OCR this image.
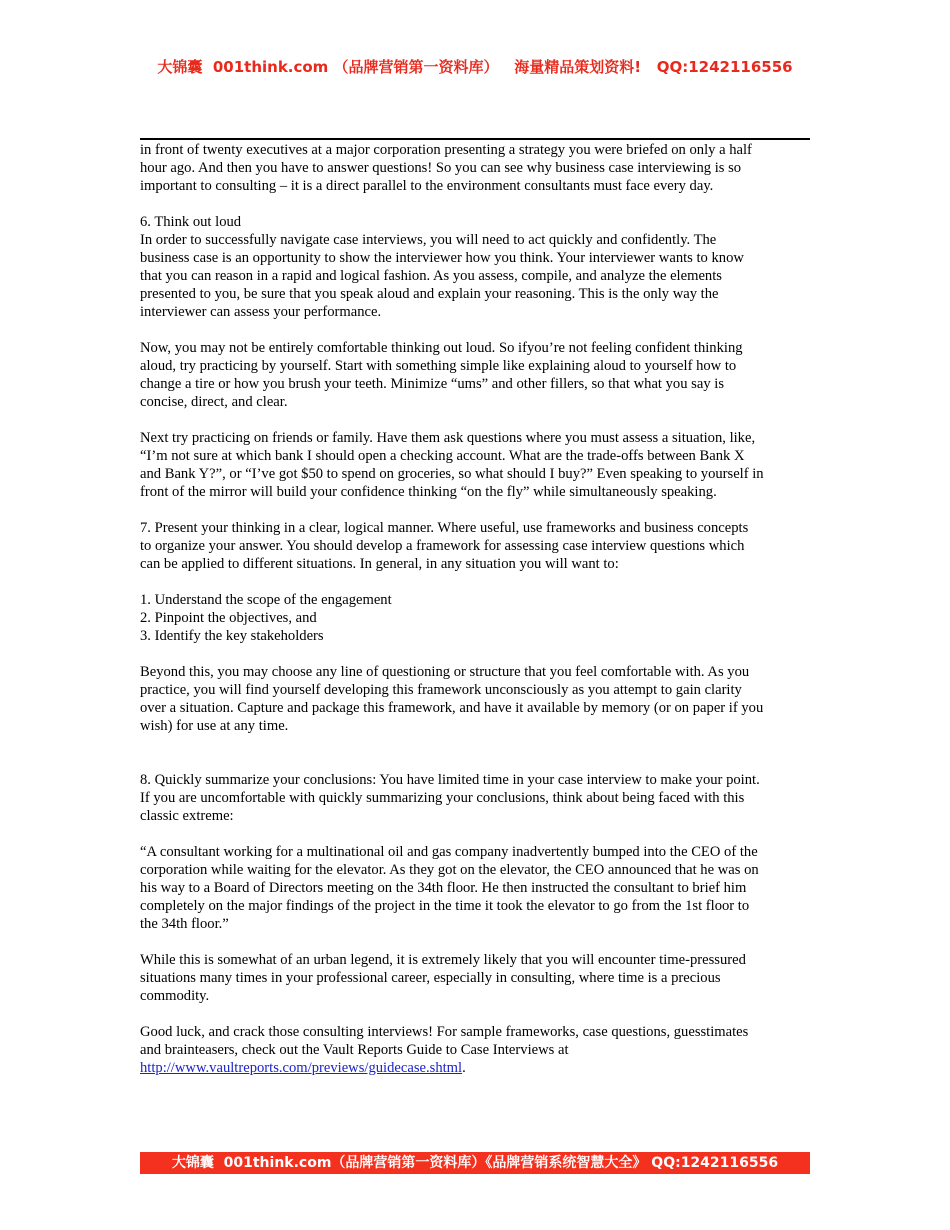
大锦囊  001think.com （品牌营销第一资料库）   海量精品策划资料!   QQ:1242116556

in front of twenty executives at a major corporation presenting a strategy you were briefed on only a half
hour ago. And then you have to answer questions! So you can see why business case interviewing is so
important to consulting – it is a direct parallel to the environment consultants must face every day.

6. Think out loud
In order to successfully navigate case interviews, you will need to act quickly and confidently. The
business case is an opportunity to show the interviewer how you think. Your interviewer wants to know
that you can reason in a rapid and logical fashion. As you assess, compile, and analyze the elements
presented to you, be sure that you speak aloud and explain your reasoning. This is the only way the
interviewer can assess your performance.

Now, you may not be entirely comfortable thinking out loud. So ifyou’re not feeling confident thinking
aloud, try practicing by yourself. Start with something simple like explaining aloud to yourself how to
change a tire or how you brush your teeth. Minimize “ums” and other fillers, so that what you say is
concise, direct, and clear.

Next try practicing on friends or family. Have them ask questions where you must assess a situation, like,
“I’m not sure at which bank I should open a checking account. What are the trade-offs between Bank X
and Bank Y?”, or “I’ve got $50 to spend on groceries, so what should I buy?” Even speaking to yourself in
front of the mirror will build your confidence thinking “on the fly” while simultaneously speaking.

7. Present your thinking in a clear, logical manner. Where useful, use frameworks and business concepts
to organize your answer. You should develop a framework for assessing case interview questions which
can be applied to different situations. In general, in any situation you will want to:

1. Understand the scope of the engagement
2. Pinpoint the objectives, and
3. Identify the key stakeholders

Beyond this, you may choose any line of questioning or structure that you feel comfortable with. As you
practice, you will find yourself developing this framework unconsciously as you attempt to gain clarity
over a situation. Capture and package this framework, and have it available by memory (or on paper if you
wish) for use at any time.

8. Quickly summarize your conclusions: You have limited time in your case interview to make your point.
If you are uncomfortable with quickly summarizing your conclusions, think about being faced with this
classic extreme:

“A consultant working for a multinational oil and gas company inadvertently bumped into the CEO of the
corporation while waiting for the elevator. As they got on the elevator, the CEO announced that he was on
his way to a Board of Directors meeting on the 34th floor. He then instructed the consultant to brief him
completely on the major findings of the project in the time it took the elevator to go from the 1st floor to
the 34th floor.”

While this is somewhat of an urban legend, it is extremely likely that you will encounter time-pressured
situations many times in your professional career, especially in consulting, where time is a precious
commodity.

Good luck, and crack those consulting interviews! For sample frameworks, case questions, guesstimates
and brainteasers, check out the Vault Reports Guide to Case Interviews at
http://www.vaultreports.com/previews/guidecase.shtml.

大锦囊  001think.com（品牌营销第一资料库）《品牌营销系统智慧大全》 QQ:1242116556
